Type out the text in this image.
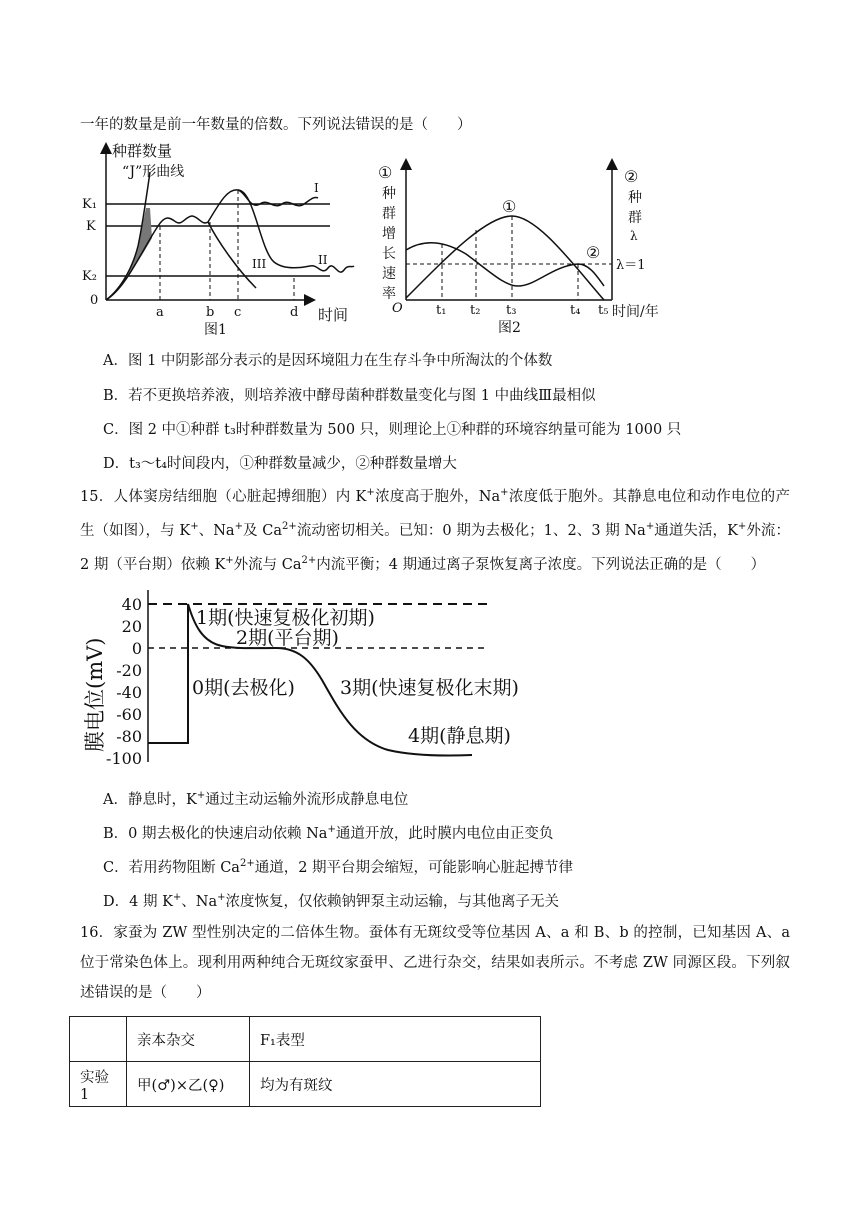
一年的数量是前一年数量的倍数。下列说法错误的是（　　）
种群数量
“J”形曲线
K₁
K
K₂
0
I
II
III
a	b c	d 时间
图1
①
种
群
增
长
速
率
②
种
群
λ
λ＝1
①
②
O	t₁ t₂ t₃	t₄ t₅ 时间/年
图2
A．图 1 中阴影部分表示的是因环境阻力在生存斗争中所淘汰的个体数
B．若不更换培养液，则培养液中酵母菌种群数量变化与图 1 中曲线Ⅲ最相似
C．图 2 中①种群 t₃时种群数量为 500 只，则理论上①种群的环境容纳量可能为 1000 只
D．t₃～t₄时间段内，①种群数量减少，②种群数量增大
15．人体窦房结细胞（心脏起搏细胞）内 K+浓度高于胞外，Na+浓度低于胞外。其静息电位和动作电位的产生（如图），与 K+、Na+及 $Ca^{2+}$流动密切相关。已知：0 期为去极化；1、2、3 期 Na+通道失活，K+外流：2 期（平台期）依赖 K+外流与 $Ca^{2+}$内流平衡；4 期通过离子泵恢复离子浓度。下列说法正确的是（　　）
膜电位(mV)
40
20
0
-20
-40
-60
-80
-100
1期(快速复极化初期)
2期(平台期)
0期(去极化) 3期(快速复极化末期)
4期(静息期)
A．静息时，K+通过主动运输外流形成静息电位
B．0 期去极化的快速启动依赖 Na+通道开放，此时膜内电位由正变负
C．若用药物阻断 $Ca^{2+}$通道，2 期平台期会缩短，可能影响心脏起搏节律
D．4 期 K+、Na+浓度恢复，仅依赖钠钾泵主动运输，与其他离子无关
16．家蚕为 ZW 型性别决定的二倍体生物。蚕体有无斑纹受等位基因 A、a 和 B、b 的控制，已知基因 A、a 位于常染色体上。现利用两种纯合无斑纹家蚕甲、乙进行杂交，结果如表所示。不考虑 ZW 同源区段。下列叙述错误的是（　　）
	亲本杂交	F₁表型
实验 1	甲(♂)×乙(♀)	均为有斑纹
